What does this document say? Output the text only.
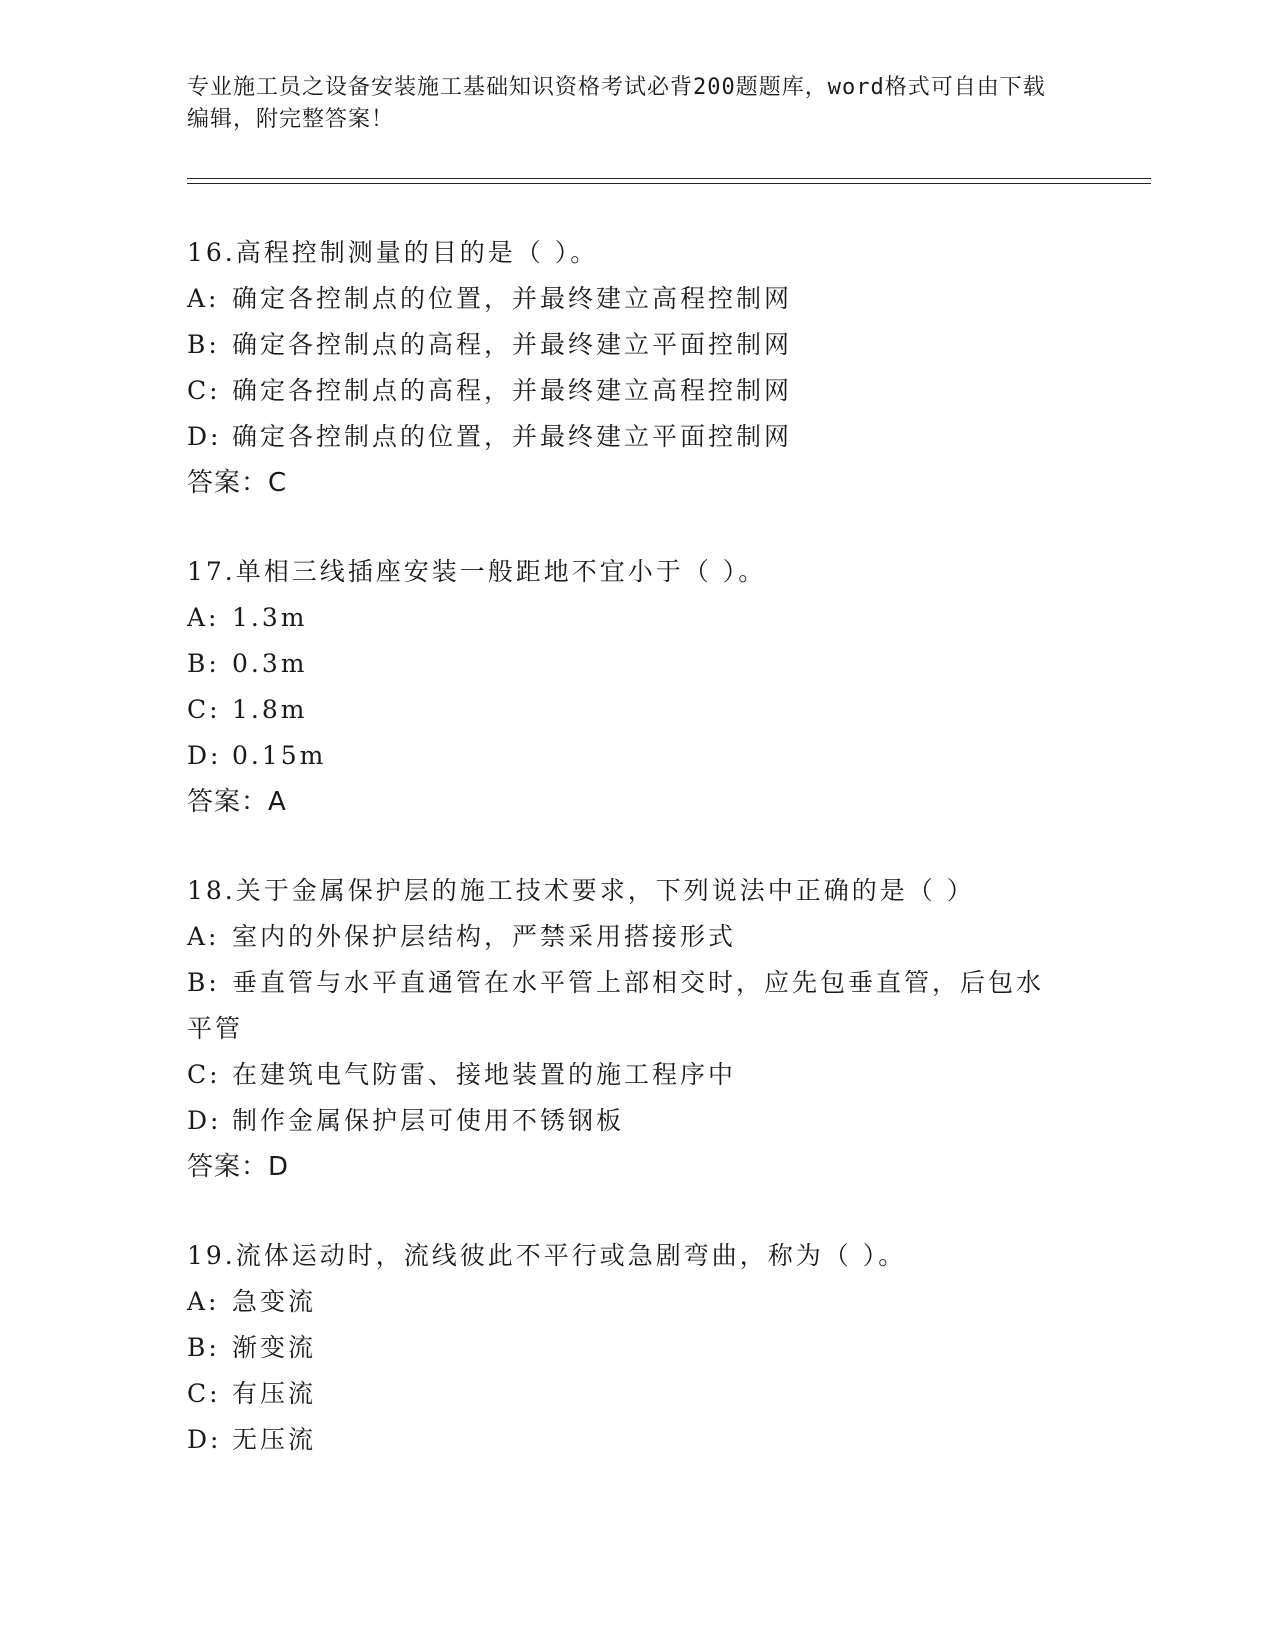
专业施工员之设备安装施工基础知识资格考试必背200题题库，word格式可自由下载编辑，附完整答案！
16.高程控制测量的目的是（ ）。
A: 确定各控制点的位置，并最终建立高程控制网
B: 确定各控制点的高程，并最终建立平面控制网
C: 确定各控制点的高程，并最终建立高程控制网
D: 确定各控制点的位置，并最终建立平面控制网
答案：C
17.单相三线插座安装一般距地不宜小于（ ）。
A: 1.3m
B: 0.3m
C: 1.8m
D: 0.15m
答案：A
18.关于金属保护层的施工技术要求，下列说法中正确的是（ ）
A: 室内的外保护层结构，严禁采用搭接形式
B: 垂直管与水平直通管在水平管上部相交时，应先包垂直管，后包水
平管
C: 在建筑电气防雷、接地装置的施工程序中
D: 制作金属保护层可使用不锈钢板
答案：D
19.流体运动时，流线彼此不平行或急剧弯曲，称为（ ）。
A: 急变流
B: 渐变流
C: 有压流
D: 无压流
